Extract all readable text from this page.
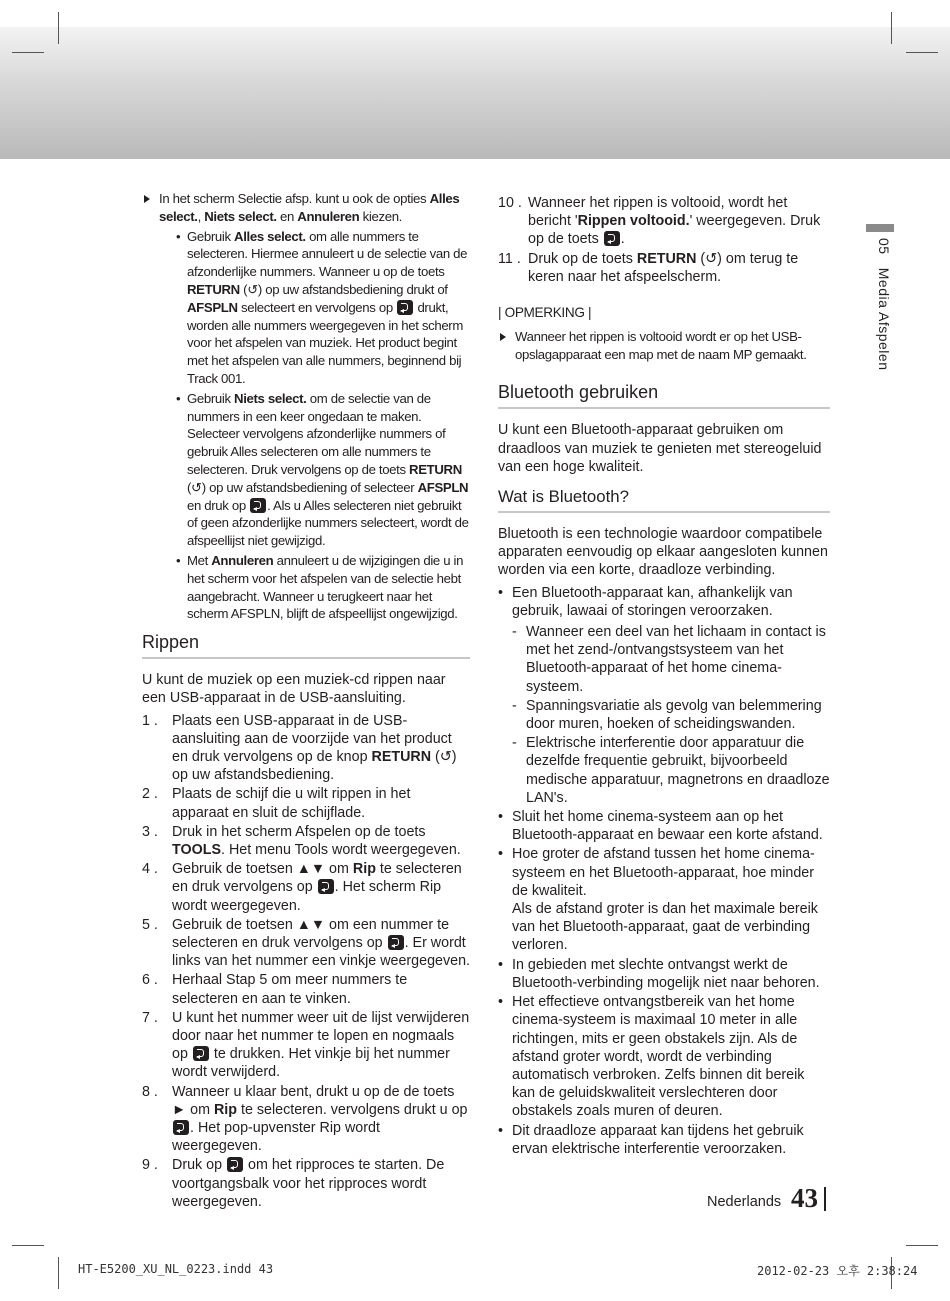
In het scherm Selectie afsp. kunt u ook de opties Alles select., Niets select. en Annuleren kiezen.
• Gebruik Alles select. om alle nummers te selecteren. Hiermee annuleert u de selectie van de afzonderlijke nummers. Wanneer u op de toets RETURN (↺) op uw afstandsbediening drukt of AFSPLN selecteert en vervolgens op  drukt, worden alle nummers weergegeven in het scherm voor het afspelen van muziek. Het product begint met het afspelen van alle nummers, beginnend bij Track 001.
• Gebruik Niets select. om de selectie van de nummers in een keer ongedaan te maken. Selecteer vervolgens afzonderlijke nummers of gebruik Alles selecteren om alle nummers te selecteren. Druk vervolgens op de toets RETURN (↺) op uw afstandsbediening of selecteer AFSPLN en druk op . Als u Alles selecteren niet gebruikt of geen afzonderlijke nummers selecteert, wordt de afspeellijst niet gewijzigd.
• Met Annuleren annuleert u de wijzigingen die u in het scherm voor het afspelen van de selectie hebt aangebracht. Wanneer u terugkeert naar het scherm AFSPLN, blijft de afspeellijst ongewijzigd.
Rippen
U kunt de muziek op een muziek-cd rippen naar een USB-apparaat in de USB-aansluiting.
1 . Plaats een USB-apparaat in de USB-aansluiting aan de voorzijde van het product en druk vervolgens op de knop RETURN (↺) op uw afstandsbediening.
2 . Plaats de schijf die u wilt rippen in het apparaat en sluit de schijflade.
3 . Druk in het scherm Afspelen op de toets TOOLS. Het menu Tools wordt weergegeven.
4 . Gebruik de toetsen ▲▼ om Rip te selecteren en druk vervolgens op . Het scherm Rip wordt weergegeven.
5 . Gebruik de toetsen ▲▼ om een nummer te selecteren en druk vervolgens op . Er wordt links van het nummer een vinkje weergegeven.
6 . Herhaal Stap 5 om meer nummers te selecteren en aan te vinken.
7 . U kunt het nummer weer uit de lijst verwijderen door naar het nummer te lopen en nogmaals op  te drukken. Het vinkje bij het nummer wordt verwijderd.
8 . Wanneer u klaar bent, drukt u op de de toets ► om Rip te selecteren. vervolgens drukt u op . Het pop-upvenster Rip wordt weergegeven.
9 . Druk op  om het ripproces te starten. De voortgangsbalk voor het ripproces wordt weergegeven.
10 . Wanneer het rippen is voltooid, wordt het bericht 'Rippen voltooid.' weergegeven. Druk op de toets .
11 . Druk op de toets RETURN (↺) om terug te keren naar het afspeelscherm.
| OPMERKING |
Wanneer het rippen is voltooid wordt er op het USB-opslagapparaat een map met de naam MP gemaakt.
Bluetooth gebruiken
U kunt een Bluetooth-apparaat gebruiken om draadloos van muziek te genieten met stereogeluid van een hoge kwaliteit.
Wat is Bluetooth?
Bluetooth is een technologie waardoor compatibele apparaten eenvoudig op elkaar aangesloten kunnen worden via een korte, draadloze verbinding.
• Een Bluetooth-apparaat kan, afhankelijk van gebruik, lawaai of storingen veroorzaken.
- Wanneer een deel van het lichaam in contact is met het zend-/ontvangstsysteem van het Bluetooth-apparaat of het home cinema-systeem.
- Spanningsvariatie als gevolg van belemmering door muren, hoeken of scheidingswanden.
- Elektrische interferentie door apparatuur die dezelfde frequentie gebruikt, bijvoorbeeld medische apparatuur, magnetrons en draadloze LAN's.
• Sluit het home cinema-systeem aan op het Bluetooth-apparaat en bewaar een korte afstand.
• Hoe groter de afstand tussen het home cinema-systeem en het Bluetooth-apparaat, hoe minder de kwaliteit.
Als de afstand groter is dan het maximale bereik van het Bluetooth-apparaat, gaat de verbinding verloren.
• In gebieden met slechte ontvangst werkt de Bluetooth-verbinding mogelijk niet naar behoren.
• Het effectieve ontvangstbereik van het home cinema-systeem is maximaal 10 meter in alle richtingen, mits er geen obstakels zijn. Als de afstand groter wordt, wordt de verbinding automatisch verbroken. Zelfs binnen dit bereik kan de geluidskwaliteit verslechteren door obstakels zoals muren of deuren.
• Dit draadloze apparaat kan tijdens het gebruik ervan elektrische interferentie veroorzaken.
05   Media Afspelen
Nederlands 43
HT-E5200_XU_NL_0223.indd 43	2012-02-23 오후 2:38:24
